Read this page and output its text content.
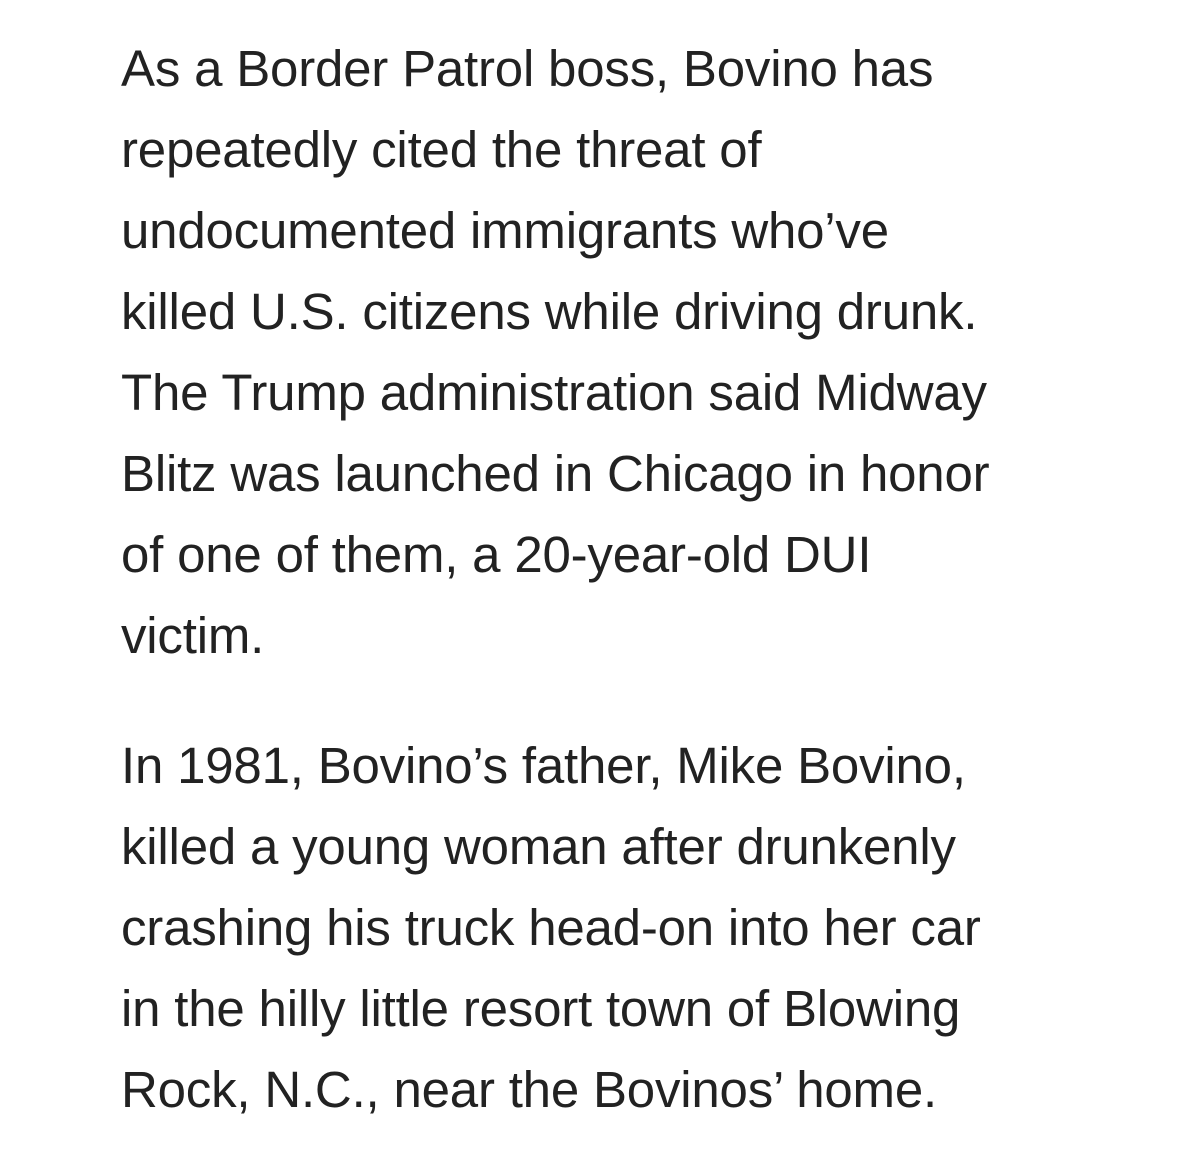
As a Border Patrol boss, Bovino has
repeatedly cited the threat of
undocumented immigrants who’ve
killed U.S. citizens while driving drunk.
The Trump administration said Midway
Blitz was launched in Chicago in honor
of one of them, a 20-year-old DUI
victim.

In 1981, Bovino’s father, Mike Bovino,
killed a young woman after drunkenly
crashing his truck head-on into her car
in the hilly little resort town of Blowing
Rock, N.C., near the Bovinos’ home.
